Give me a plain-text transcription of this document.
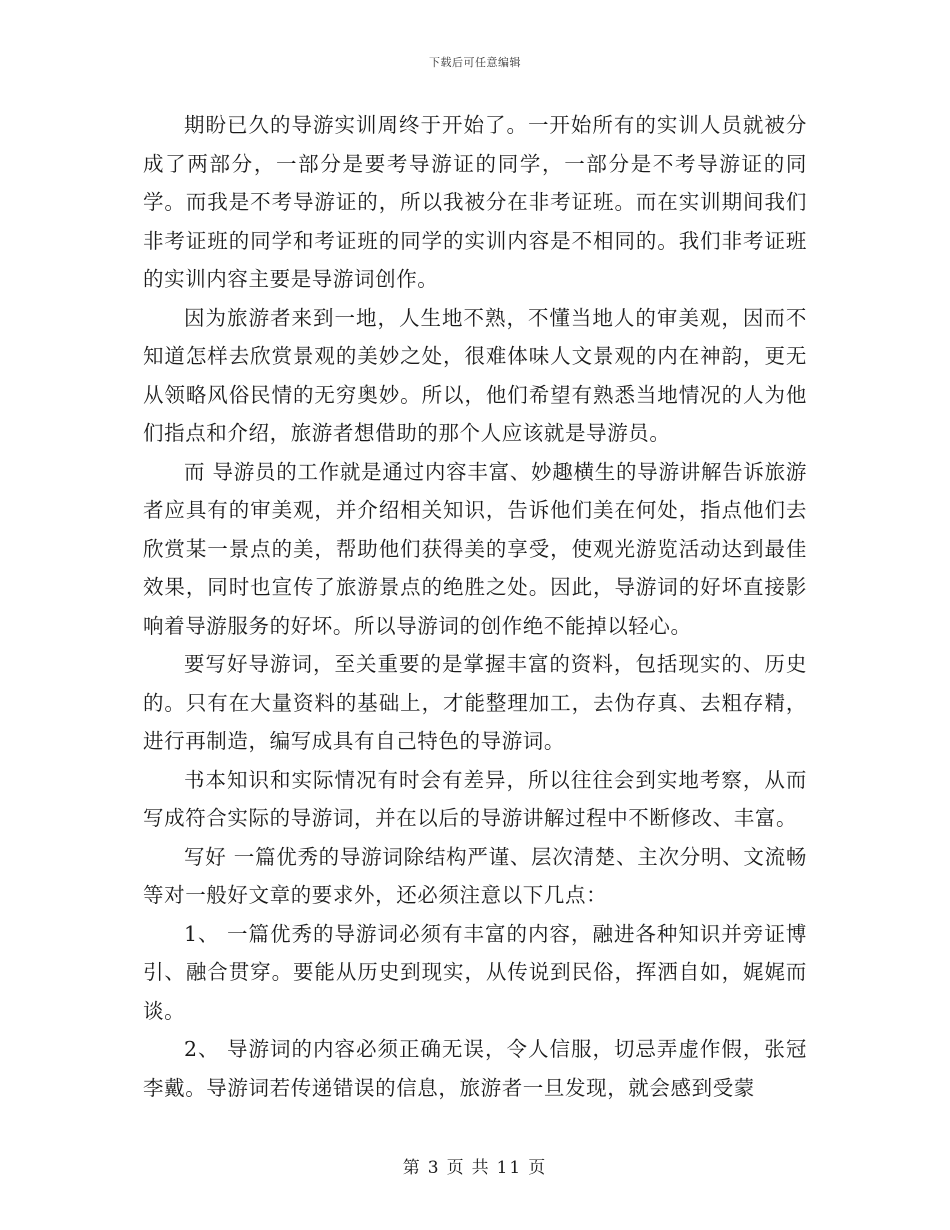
下载后可任意编辑

期盼已久的导游实训周终于开始了。一开始所有的实训人员就被分成了两部分，一部分是要考导游证的同学，一部分是不考导游证的同学。而我是不考导游证的，所以我被分在非考证班。而在实训期间我们非考证班的同学和考证班的同学的实训内容是不相同的。我们非考证班的实训内容主要是导游词创作。

因为旅游者来到一地，人生地不熟，不懂当地人的审美观，因而不知道怎样去欣赏景观的美妙之处，很难体味人文景观的内在神韵，更无从领略风俗民情的无穷奥妙。所以，他们希望有熟悉当地情况的人为他们指点和介绍，旅游者想借助的那个人应该就是导游员。

而 导游员的工作就是通过内容丰富、妙趣横生的导游讲解告诉旅游者应具有的审美观，并介绍相关知识，告诉他们美在何处，指点他们去欣赏某一景点的美，帮助他们获得美的享受，使观光游览活动达到最佳效果，同时也宣传了旅游景点的绝胜之处。因此，导游词的好坏直接影响着导游服务的好坏。所以导游词的创作绝不能掉以轻心。

要写好导游词，至关重要的是掌握丰富的资料，包括现实的、历史的。只有在大量资料的基础上，才能整理加工，去伪存真、去粗存精，进行再制造，编写成具有自己特色的导游词。

书本知识和实际情况有时会有差异，所以往往会到实地考察，从而写成符合实际的导游词，并在以后的导游讲解过程中不断修改、丰富。

写好 一篇优秀的导游词除结构严谨、层次清楚、主次分明、文流畅等对一般好文章的要求外，还必须注意以下几点：

1、 一篇优秀的导游词必须有丰富的内容，融进各种知识并旁证博引、融合贯穿。要能从历史到现实，从传说到民俗，挥洒自如，娓娓而谈。

2、 导游词的内容必须正确无误，令人信服，切忌弄虚作假，张冠李戴。导游词若传递错误的信息，旅游者一旦发现，就会感到受蒙

第 3 页 共 11 页
